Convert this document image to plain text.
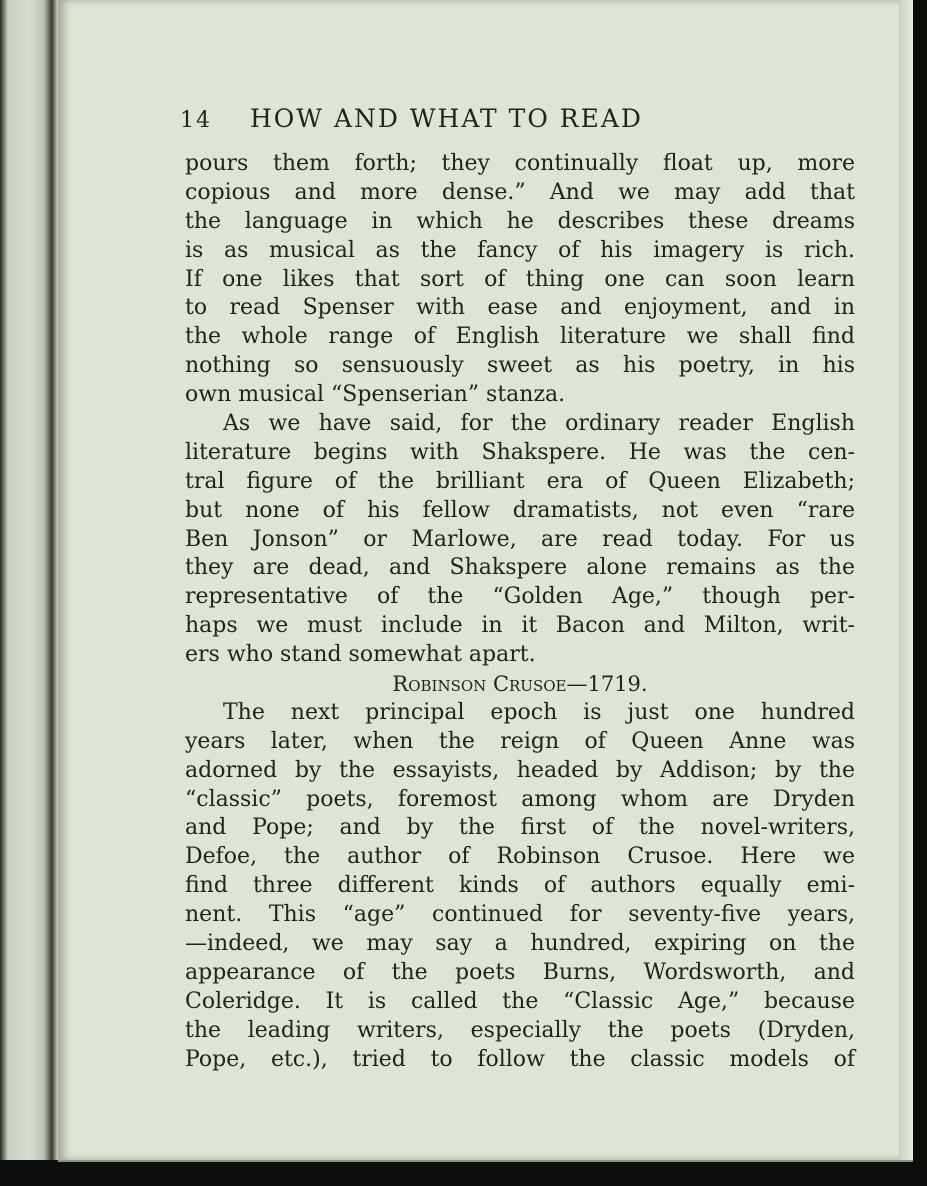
14 HOW AND WHAT TO READ
pours them forth; they continually float up, more
copious and more dense.” And we may add that
the language in which he describes these dreams
is as musical as the fancy of his imagery is rich.
If one likes that sort of thing one can soon learn
to read Spenser with ease and enjoyment, and in
the whole range of English literature we shall find
nothing so sensuously sweet as his poetry, in his
own musical “Spenserian” stanza.
As we have said, for the ordinary reader English
literature begins with Shakspere. He was the cen-
tral figure of the brilliant era of Queen Elizabeth;
but none of his fellow dramatists, not even “rare
Ben Jonson” or Marlowe, are read today. For us
they are dead, and Shakspere alone remains as the
representative of the “Golden Age,” though per-
haps we must include in it Bacon and Milton, writ-
ers who stand somewhat apart.
Robinson Crusoe—1719.
The next principal epoch is just one hundred
years later, when the reign of Queen Anne was
adorned by the essayists, headed by Addison; by the
“classic” poets, foremost among whom are Dryden
and Pope; and by the first of the novel-writers,
Defoe, the author of Robinson Crusoe. Here we
find three different kinds of authors equally emi-
nent. This “age” continued for seventy-five years,
—indeed, we may say a hundred, expiring on the
appearance of the poets Burns, Wordsworth, and
Coleridge. It is called the “Classic Age,” because
the leading writers, especially the poets (Dryden,
Pope, etc.), tried to follow the classic models of
